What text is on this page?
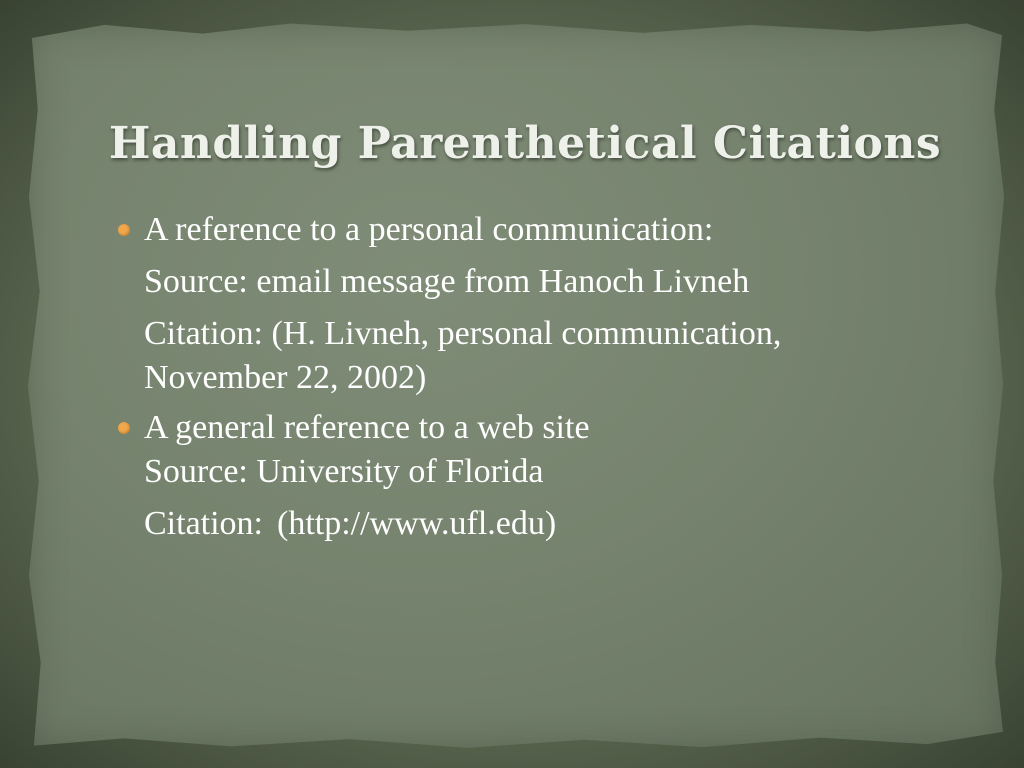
Handling Parenthetical Citations
A reference to a personal communication:
Source: email message from Hanoch Livneh
Citation: (H. Livneh, personal communication,
November 22, 2002)
A general reference to a web site
Source: University of Florida
Citation: (http://www.ufl.edu)
